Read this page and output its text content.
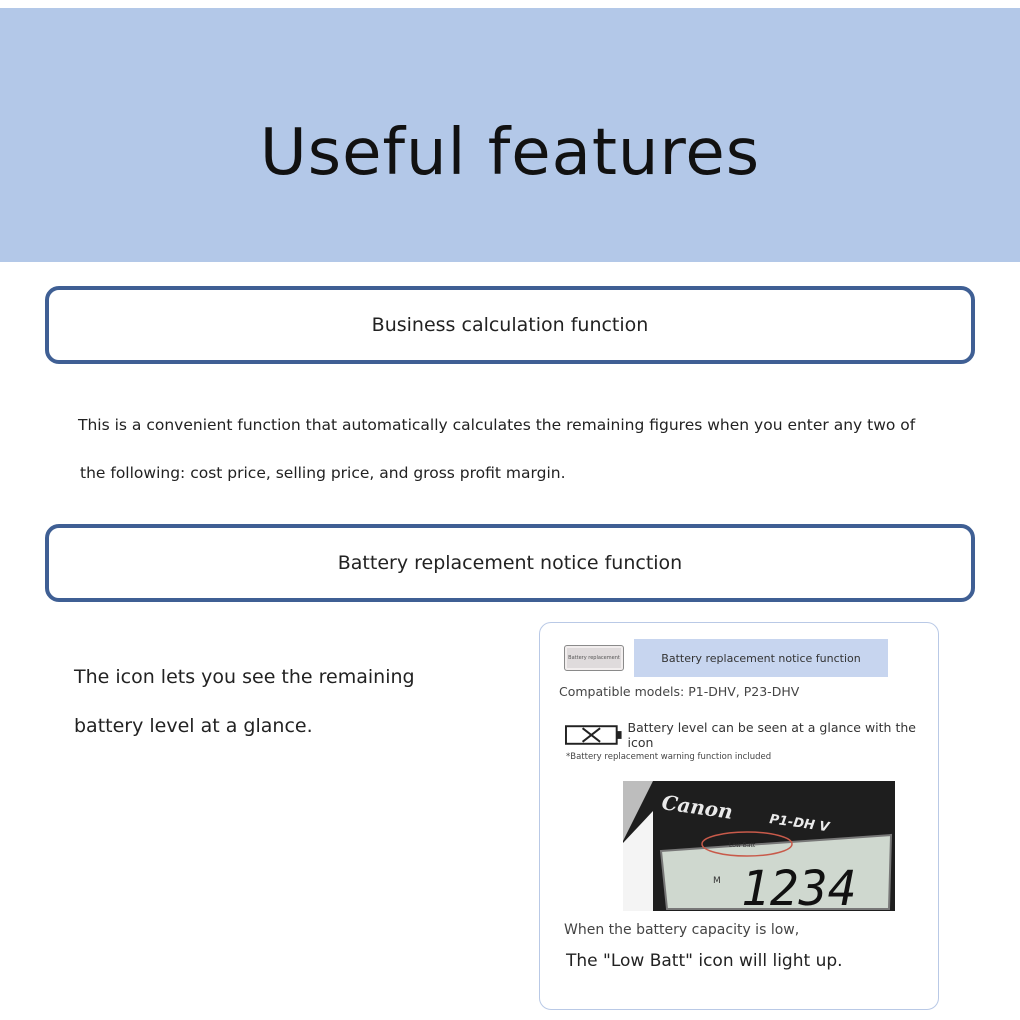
Useful features
Business calculation function
This is a convenient function that automatically calculates the remaining figures when you enter any two of
the following: cost price, selling price, and gross profit margin.
Battery replacement notice function
The icon lets you see the remaining
battery level at a glance.
Battery replacement	Battery replacement notice function
Compatible models: P1-DHV, P23-DHV
Battery level can be seen at a glance with the icon
*Battery replacement warning function included
Canon	P1-DH V
Low Batt
M 1234
When the battery capacity is low,
The "Low Batt" icon will light up.
